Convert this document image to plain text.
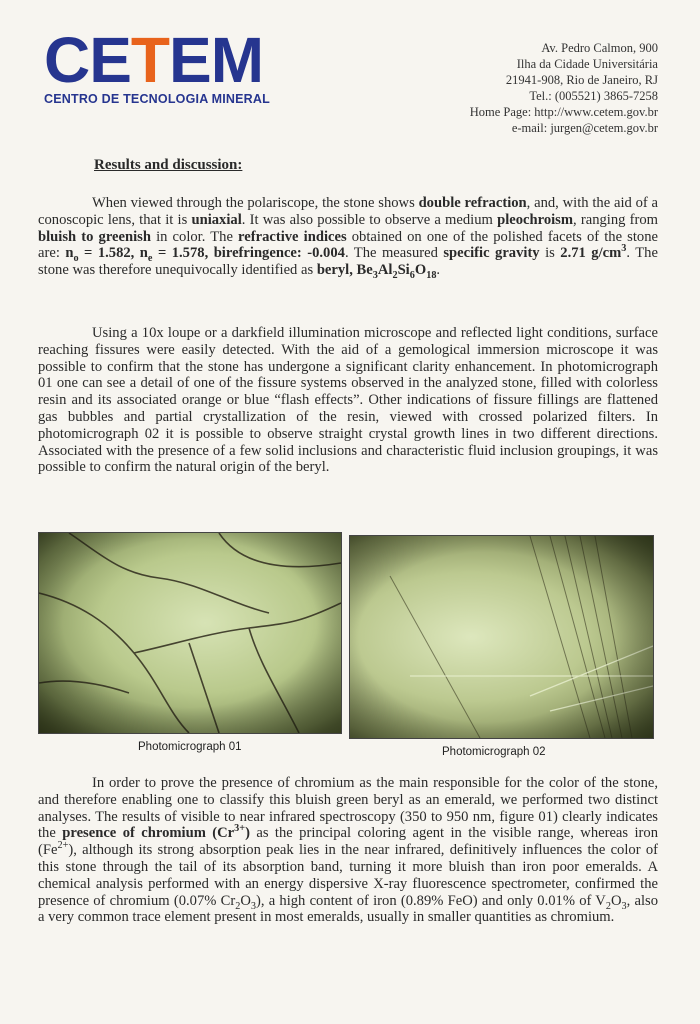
CETEM
CENTRO DE TECNOLOGIA MINERAL
Av. Pedro Calmon, 900
Ilha da Cidade Universitária
21941-908, Rio de Janeiro, RJ
Tel.: (005521) 3865-7258
Home Page: http://www.cetem.gov.br
e-mail: jurgen@cetem.gov.br
Results and discussion:
When viewed through the polariscope, the stone shows double refraction, and, with the aid of a conoscopic lens, that it is uniaxial. It was also possible to observe a medium pleochroism, ranging from bluish to greenish in color. The refractive indices obtained on one of the polished facets of the stone are: $n_o = 1.582$, $n_e = 1.578$, birefringence: -0.004. The measured specific gravity is 2.71 $g/cm^3$. The stone was therefore unequivocally identified as beryl, $Be_3Al_2Si_6O_{18}$.
Using a 10x loupe or a darkfield illumination microscope and reflected light conditions, surface reaching fissures were easily detected. With the aid of a gemological immersion microscope it was possible to confirm that the stone has undergone a significant clarity enhancement. In photomicrograph 01 one can see a detail of one of the fissure systems observed in the analyzed stone, filled with colorless resin and its associated orange or blue “flash effects”. Other indications of fissure fillings are flattened gas bubbles and partial crystallization of the resin, viewed with crossed polarized filters. In photomicrograph 02 it is possible to observe straight crystal growth lines in two different directions. Associated with the presence of a few solid inclusions and characteristic fluid inclusion groupings, it was possible to confirm the natural origin of the beryl.
Photomicrograph 01	Photomicrograph 02
In order to prove the presence of chromium as the main responsible for the color of the stone, and therefore enabling one to classify this bluish green beryl as an emerald, we performed two distinct analyses. The results of visible to near infrared spectroscopy (350 to 950 nm, figure 01) clearly indicates the presence of chromium $(Cr^{3+})$ as the principal coloring agent in the visible range, whereas iron $(Fe^{2+})$, although its strong absorption peak lies in the near infrared, definitively influences the color of this stone through the tail of its absorption band, turning it more bluish than iron poor emeralds. A chemical analysis performed with an energy dispersive X-ray fluorescence spectrometer, confirmed the presence of chromium (0.07% $Cr_2O_3$), a high content of iron (0.89% FeO) and only 0.01% of $V_2O_3$, also a very common trace element present in most emeralds, usually in smaller quantities as chromium.
